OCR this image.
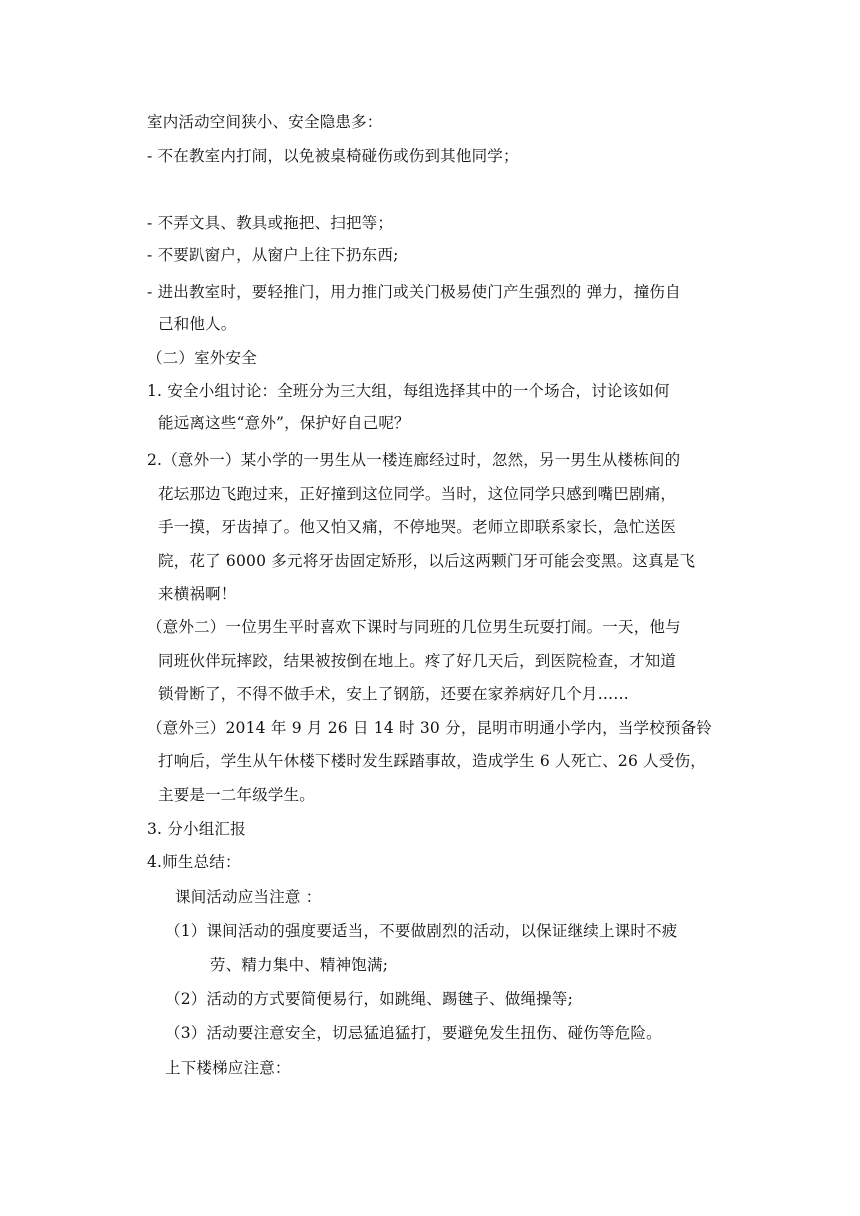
室内活动空间狭小、安全隐患多：
- 不在教室内打闹，以免被桌椅碰伤或伤到其他同学；
- 不弄文具、教具或拖把、扫把等；
- 不要趴窗户，从窗户上往下扔东西;
- 进出教室时，要轻推门，用力推门或关门极易使门产生强烈的 弹力，撞伤自
己和他人。
（二）室外安全
1. 安全小组讨论：全班分为三大组，每组选择其中的一个场合，讨论该如何
能远离这些“意外”，保护好自己呢？
2.（意外一）某小学的一男生从一楼连廊经过时，忽然，另一男生从楼栋间的
花坛那边飞跑过来，正好撞到这位同学。当时，这位同学只感到嘴巴剧痛，
手一摸，牙齿掉了。他又怕又痛，不停地哭。老师立即联系家长，急忙送医
院，花了 6000 多元将牙齿固定矫形，以后这两颗门牙可能会变黑。这真是飞
来横祸啊！
（意外二）一位男生平时喜欢下课时与同班的几位男生玩耍打闹。一天，他与
同班伙伴玩摔跤，结果被按倒在地上。疼了好几天后，到医院检查，才知道
锁骨断了，不得不做手术，安上了钢筋，还要在家养病好几个月……
（意外三）2014 年 9 月 26 日 14 时 30 分，昆明市明通小学内，当学校预备铃
打响后，学生从午休楼下楼时发生踩踏事故，造成学生 6 人死亡、26 人受伤，
主要是一二年级学生。
3. 分小组汇报
4.师生总结：
课间活动应当注意 ：
（1）课间活动的强度要适当，不要做剧烈的活动，以保证继续上课时不疲
劳、精力集中、精神饱满;
（2）活动的方式要简便易行，如跳绳、踢毽子、做绳操等;
（3）活动要注意安全，切忌猛追猛打，要避免发生扭伤、碰伤等危险。
上下楼梯应注意：
